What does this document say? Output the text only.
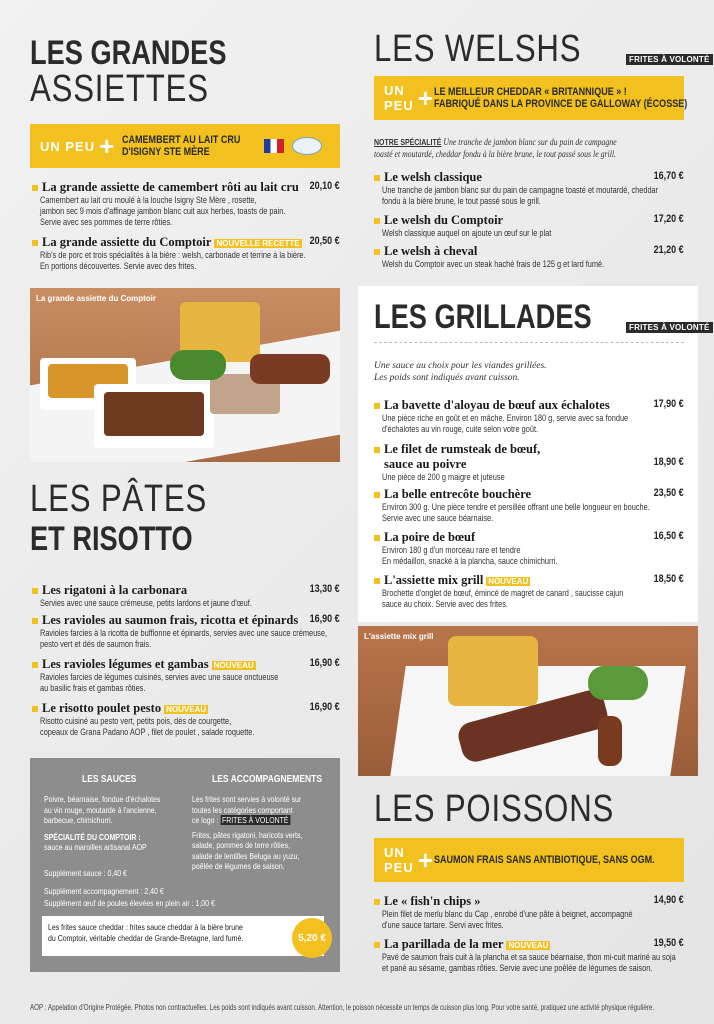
LES GRANDES
ASSIETTES
UN PEU + CAMEMBERT AU LAIT CRU
D'ISIGNY STE MÈRE
La grande assiette de camembert rôti au lait cru	20,10 €
Camembert au lait cru moulé à la louche Isigny Ste Mère , rosette,
jambon sec 9 mois d'affinage jambon blanc cuit aux herbes, toasts de pain.
Servie avec ses pommes de terre rôties.
La grande assiette du Comptoir NOUVELLE RECETTE 20,50 €
Rib's de porc et trois spécialités à la bière : welsh, carbonade et terrine à la bière.
En portions découvertes. Servie avec des frites.
La grande assiette du Comptoir
LES PÂTES
ET RISOTTO
Les rigatoni à la carbonara	13,30 €
Servies avec une sauce crémeuse, petits lardons et jaune d'œuf.
Les ravioles au saumon frais, ricotta et épinards	16,90 €
Ravioles farcies à la ricotta de buffionne et épinards, servies avec une sauce crémeuse,
pesto vert et dés de saumon frais.
Les ravioles légumes et gambas NOUVEAU	16,90 €
Ravioles farcies de légumes cuisinés, servies avec une sauce onctueuse
au basilic frais et gambas rôties.
Le risotto poulet pesto NOUVEAU	16,90 €
Risotto cuisiné au pesto vert, petits pois, dés de courgette,
copeaux de Grana Padano AOP , filet de poulet , salade roquette.
LES SAUCES
Poivre, béarnaise, fondue d'échalotes
au vin rouge, moutarde à l'ancienne,
barbecue, chimichurri.
SPÉCIALITÉ DU COMPTOIR :
sauce au maroilles artisanal AOP
Supplément sauce : 0,40 €
Supplément accompagnement : 2,40 €
Supplément œuf de poules élevées en plein air : 1,00 €
LES ACCOMPAGNEMENTS
Les frites sont servies à volonté sur
toutes les catégories comportant
ce logo : FRITES À VOLONTÉ
Frites, pâtes rigatoni, haricots verts,
salade, pommes de terre rôties,
salade de lentilles Beluga au yuzu,
poêlée de légumes de saison.
Les frites sauce cheddar : frites sauce cheddar à la bière brune
du Comptoir, véritable cheddar de Grande-Bretagne, lard fumé.	5,20 €
LES WELSHS	FRITES À VOLONTÉ
UN PEU + LE MEILLEUR CHEDDAR « BRITANNIQUE » !
FABRIQUÉ DANS LA PROVINCE DE GALLOWAY (ÉCOSSE)
NOTRE SPÉCIALITÉ Une tranche de jambon blanc sur du pain de campagne
toasté et moutardé, cheddar fondu à la bière brune, le tout passé sous le grill.
Le welsh classique	16,70 €
Une tranche de jambon blanc sur du pain de campagne toasté et moutardé, cheddar
fondu à la bière brune, le tout passé sous le grill.
Le welsh du Comptoir	17,20 €
Welsh classique auquel on ajoute un œuf sur le plat
Le welsh à cheval	21,20 €
Welsh du Comptoir avec un steak haché frais de 125 g et lard fumé.
LES GRILLADES	FRITES À VOLONTÉ
Une sauce au choix pour les viandes grillées.
Les poids sont indiqués avant cuisson.
La bavette d'aloyau de bœuf aux échalotes	17,90 €
Une pièce riche en goût et en mâche. Environ 180 g, servie avec sa fondue
d'échalotes au vin rouge, cuite selon votre goût.
Le filet de rumsteak de bœuf,
sauce au poivre	18,90 €
Une pièce de 200 g maigre et juteuse
La belle entrecôte bouchère	23,50 €
Environ 300 g. Une pièce tendre et persillée offrant une belle longueur en bouche.
Servie avec une sauce béarnaise.
La poire de bœuf	16,50 €
Environ 180 g d'un morceau rare et tendre
En médaillon, snacké à la plancha, sauce chimichurri.
L'assiette mix grill NOUVEAU	18,50 €
Brochette d'onglet de bœuf, émincé de magret de canard , saucisse cajun
sauce au choix. Servie avec des frites.
L'assiette mix grill
LES POISSONS
UN PEU + SAUMON FRAIS SANS ANTIBIOTIQUE, SANS OGM.
Le « fish'n chips »	14,90 €
Plein filet de merlu blanc du Cap , enrobé d'une pâte à beignet, accompagné
d'une sauce tartare. Servi avec frites.
La parillada de la mer NOUVEAU	19,50 €
Pavé de saumon frais cuit à la plancha et sa sauce béarnaise, thon mi-cuit mariné au soja
et pané au sésame, gambas rôties. Servie avec une poêlée de légumes de saison.
AOP : Appelation d'Origine Protégée. Photos non contractuelles. Les poids sont indiqués avant cuisson. Attention, le poisson nécessite un temps de cuisson plus long. Pour votre santé, pratiquez une activité physique régulière.
